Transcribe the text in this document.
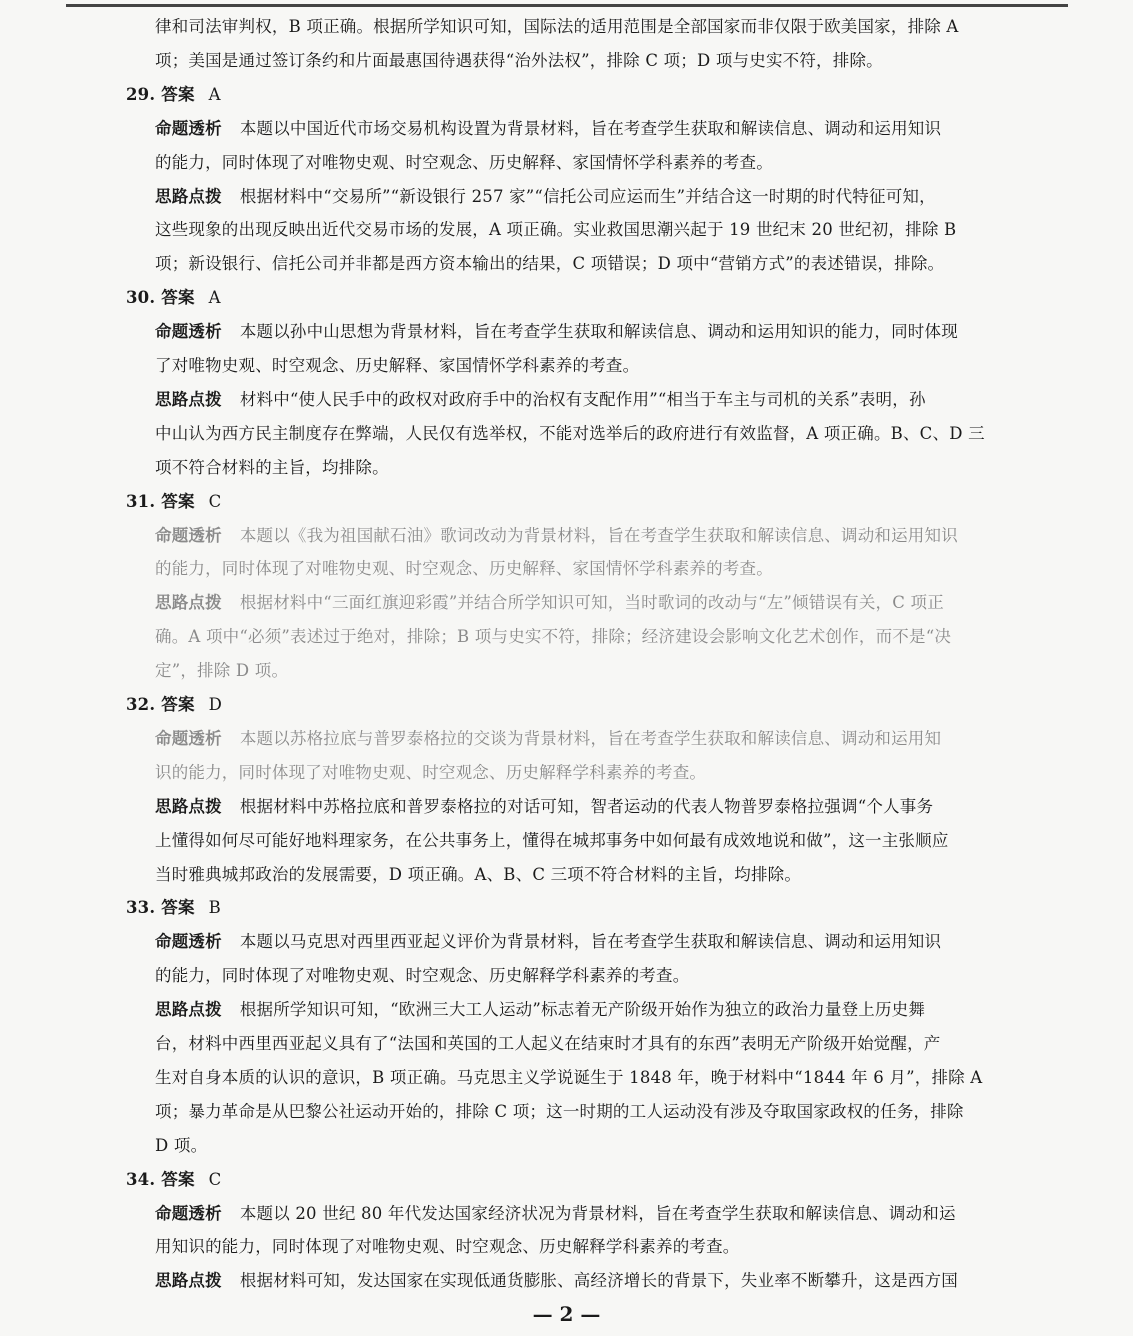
律和司法审判权，B 项正确。根据所学知识可知，国际法的适用范围是全部国家而非仅限于欧美国家，排除 A
项；美国是通过签订条约和片面最惠国待遇获得“治外法权”，排除 C 项；D 项与史实不符，排除。
29. 答案 A
命题透析 本题以中国近代市场交易机构设置为背景材料，旨在考查学生获取和解读信息、调动和运用知识
的能力，同时体现了对唯物史观、时空观念、历史解释、家国情怀学科素养的考查。
思路点拨 根据材料中“交易所”“新设银行 257 家”“信托公司应运而生”并结合这一时期的时代特征可知，
这些现象的出现反映出近代交易市场的发展，A 项正确。实业救国思潮兴起于 19 世纪末 20 世纪初，排除 B
项；新设银行、信托公司并非都是西方资本输出的结果，C 项错误；D 项中“营销方式”的表述错误，排除。
30. 答案 A
命题透析 本题以孙中山思想为背景材料，旨在考查学生获取和解读信息、调动和运用知识的能力，同时体现
了对唯物史观、时空观念、历史解释、家国情怀学科素养的考查。
思路点拨 材料中“使人民手中的政权对政府手中的治权有支配作用”“相当于车主与司机的关系”表明，孙
中山认为西方民主制度存在弊端，人民仅有选举权，不能对选举后的政府进行有效监督，A 项正确。B、C、D 三
项不符合材料的主旨，均排除。
31. 答案 C
命题透析 本题以《我为祖国献石油》歌词改动为背景材料，旨在考查学生获取和解读信息、调动和运用知识
的能力，同时体现了对唯物史观、时空观念、历史解释、家国情怀学科素养的考查。
思路点拨 根据材料中“三面红旗迎彩霞”并结合所学知识可知，当时歌词的改动与“左”倾错误有关，C 项正
确。A 项中“必须”表述过于绝对，排除；B 项与史实不符，排除；经济建设会影响文化艺术创作，而不是“决
定”，排除 D 项。
32. 答案 D
命题透析 本题以苏格拉底与普罗泰格拉的交谈为背景材料，旨在考查学生获取和解读信息、调动和运用知
识的能力，同时体现了对唯物史观、时空观念、历史解释学科素养的考查。
思路点拨 根据材料中苏格拉底和普罗泰格拉的对话可知，智者运动的代表人物普罗泰格拉强调“个人事务
上懂得如何尽可能好地料理家务，在公共事务上，懂得在城邦事务中如何最有成效地说和做”，这一主张顺应
当时雅典城邦政治的发展需要，D 项正确。A、B、C 三项不符合材料的主旨，均排除。
33. 答案 B
命题透析 本题以马克思对西里西亚起义评价为背景材料，旨在考查学生获取和解读信息、调动和运用知识
的能力，同时体现了对唯物史观、时空观念、历史解释学科素养的考查。
思路点拨 根据所学知识可知，“欧洲三大工人运动”标志着无产阶级开始作为独立的政治力量登上历史舞
台，材料中西里西亚起义具有了“法国和英国的工人起义在结束时才具有的东西”表明无产阶级开始觉醒，产
生对自身本质的认识的意识，B 项正确。马克思主义学说诞生于 1848 年，晚于材料中“1844 年 6 月”，排除 A
项；暴力革命是从巴黎公社运动开始的，排除 C 项；这一时期的工人运动没有涉及夺取国家政权的任务，排除
D 项。
34. 答案 C
命题透析 本题以 20 世纪 80 年代发达国家经济状况为背景材料，旨在考查学生获取和解读信息、调动和运
用知识的能力，同时体现了对唯物史观、时空观念、历史解释学科素养的考查。
思路点拨 根据材料可知，发达国家在实现低通货膨胀、高经济增长的背景下，失业率不断攀升，这是西方国
— 2 —
